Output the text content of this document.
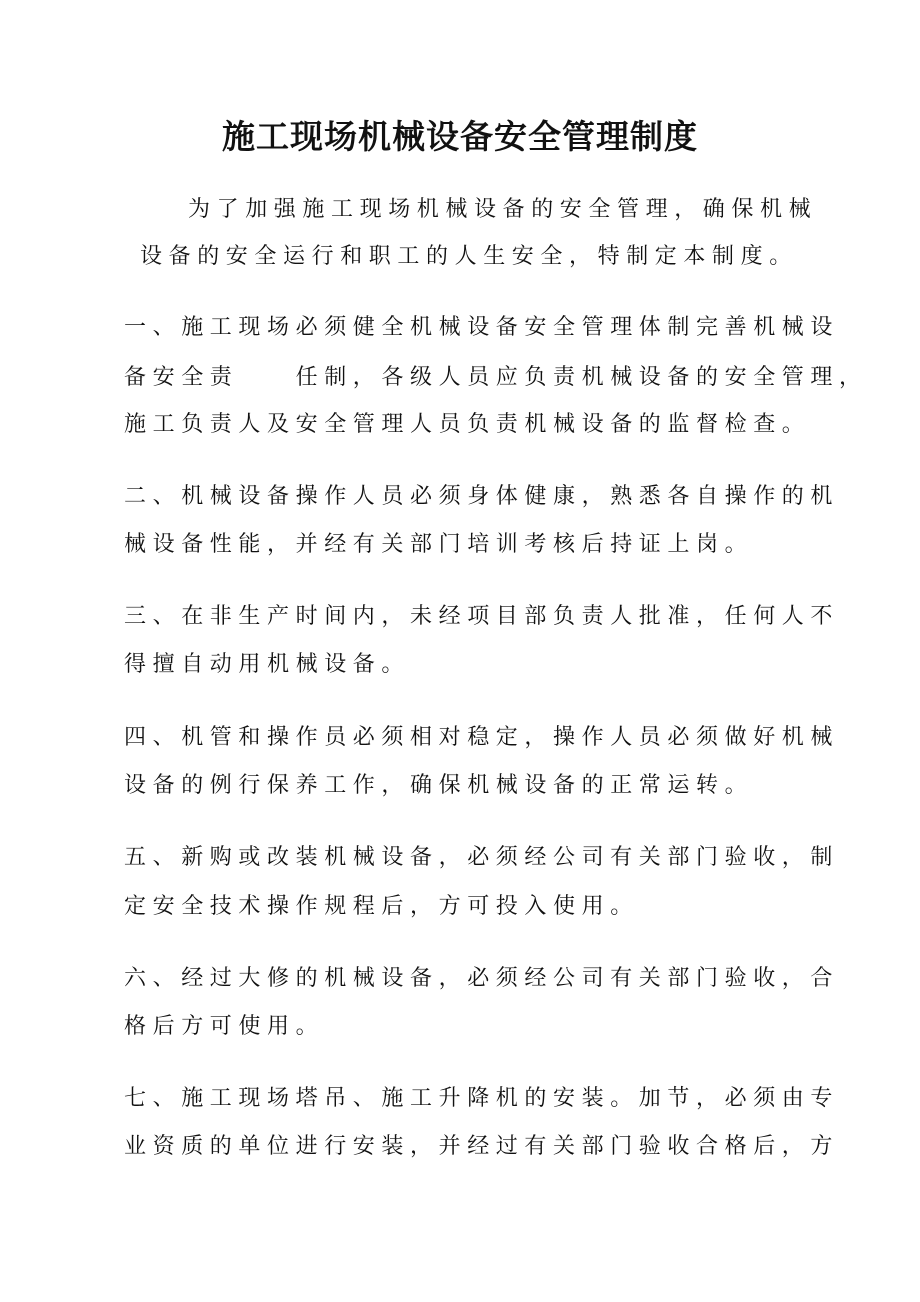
施工现场机械设备安全管理制度
为了加强施工现场机械设备的安全管理，确保机械
设备的安全运行和职工的人生安全，特制定本制度。
一、施工现场必须健全机械设备安全管理体制完善机械设
备安全责　　任制，各级人员应负责机械设备的安全管理，
施工负责人及安全管理人员负责机械设备的监督检查。
二、机械设备操作人员必须身体健康，熟悉各自操作的机
械设备性能，并经有关部门培训考核后持证上岗。
三、在非生产时间内，未经项目部负责人批准，任何人不
得擅自动用机械设备。
四、机管和操作员必须相对稳定，操作人员必须做好机械
设备的例行保养工作，确保机械设备的正常运转。
五、新购或改装机械设备，必须经公司有关部门验收，制
定安全技术操作规程后，方可投入使用。
六、经过大修的机械设备，必须经公司有关部门验收，合
格后方可使用。
七、施工现场塔吊、施工升降机的安装。加节，必须由专
业资质的单位进行安装，并经过有关部门验收合格后，方
